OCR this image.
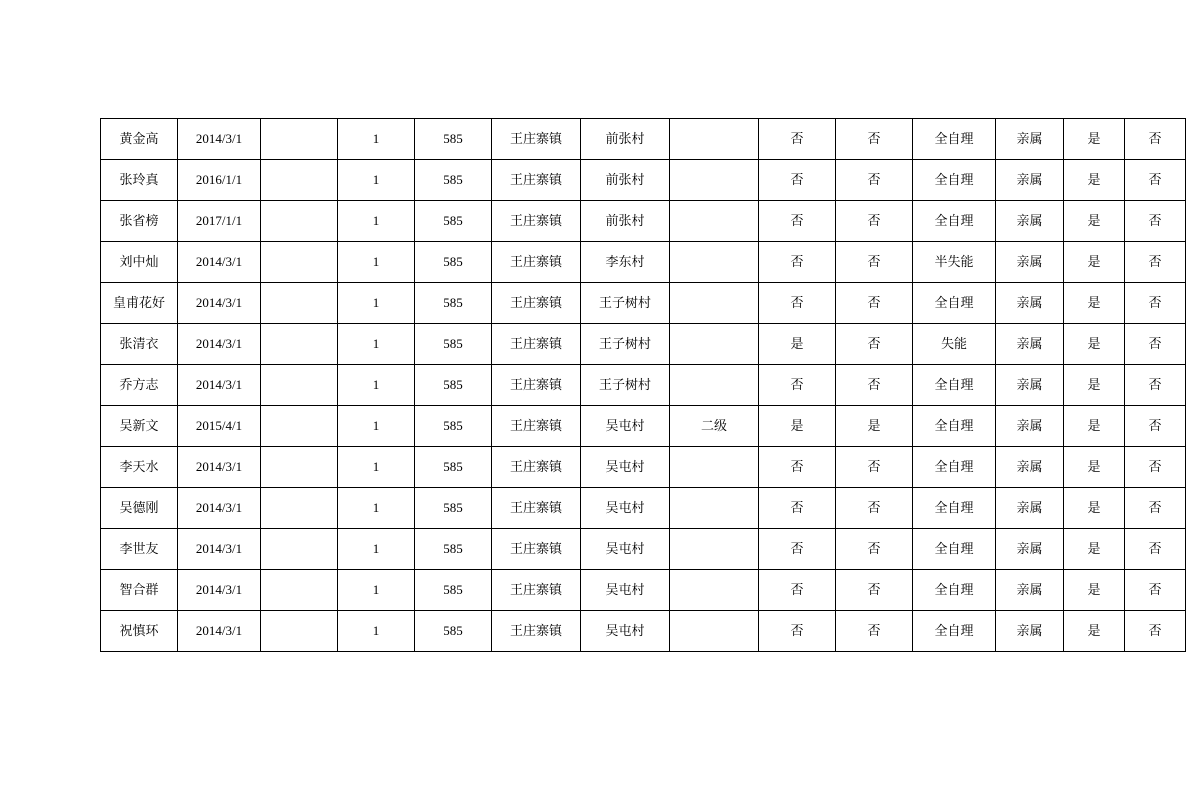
黄金高	2014/3/1		1	585	王庄寨镇	前张村		否	否	全自理	亲属	是	否
张玲真	2016/1/1		1	585	王庄寨镇	前张村		否	否	全自理	亲属	是	否
张省榜	2017/1/1		1	585	王庄寨镇	前张村		否	否	全自理	亲属	是	否
刘中灿	2014/3/1		1	585	王庄寨镇	李东村		否	否	半失能	亲属	是	否
皇甫花好	2014/3/1		1	585	王庄寨镇	王子树村		否	否	全自理	亲属	是	否
张清衣	2014/3/1		1	585	王庄寨镇	王子树村		是	否	失能	亲属	是	否
乔方志	2014/3/1		1	585	王庄寨镇	王子树村		否	否	全自理	亲属	是	否
吴新文	2015/4/1		1	585	王庄寨镇	吴屯村	二级	是	是	全自理	亲属	是	否
李天水	2014/3/1		1	585	王庄寨镇	吴屯村		否	否	全自理	亲属	是	否
吴德刚	2014/3/1		1	585	王庄寨镇	吴屯村		否	否	全自理	亲属	是	否
李世友	2014/3/1		1	585	王庄寨镇	吴屯村		否	否	全自理	亲属	是	否
智合群	2014/3/1		1	585	王庄寨镇	吴屯村		否	否	全自理	亲属	是	否
祝慎环	2014/3/1		1	585	王庄寨镇	吴屯村		否	否	全自理	亲属	是	否
